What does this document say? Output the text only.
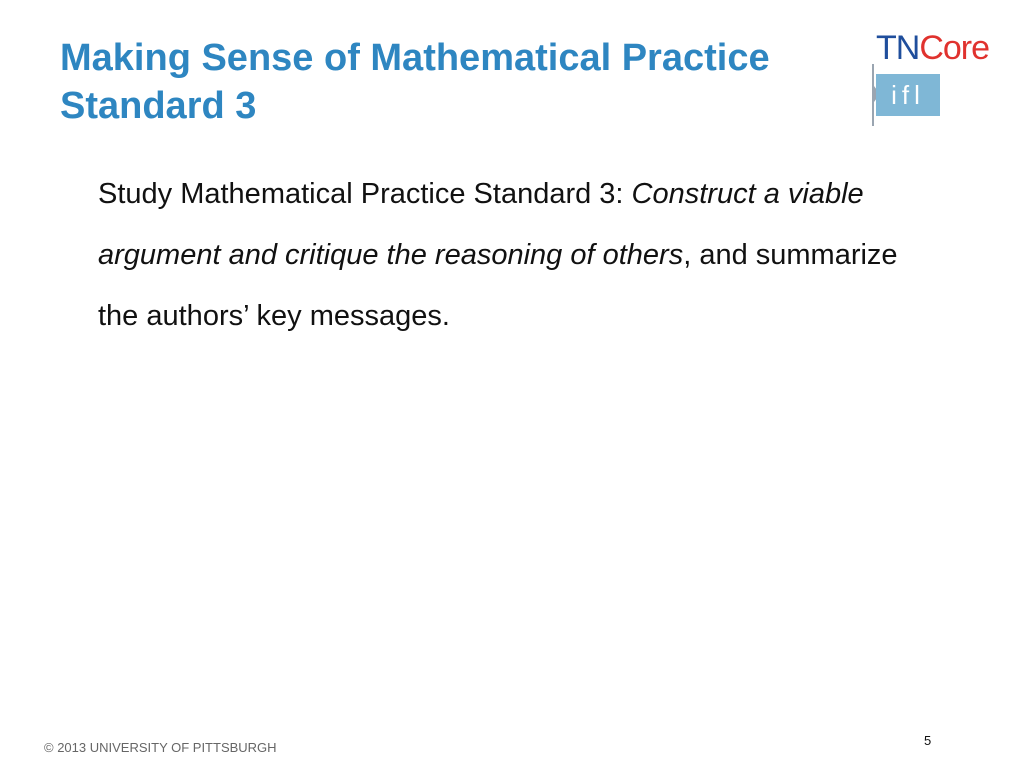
Making Sense of Mathematical Practice
Standard 3
TNCore
ifl

Study Mathematical Practice Standard 3: Construct a viable argument and critique the reasoning of others, and summarize the authors’ key messages.

© 2013 UNIVERSITY OF PITTSBURGH	5
